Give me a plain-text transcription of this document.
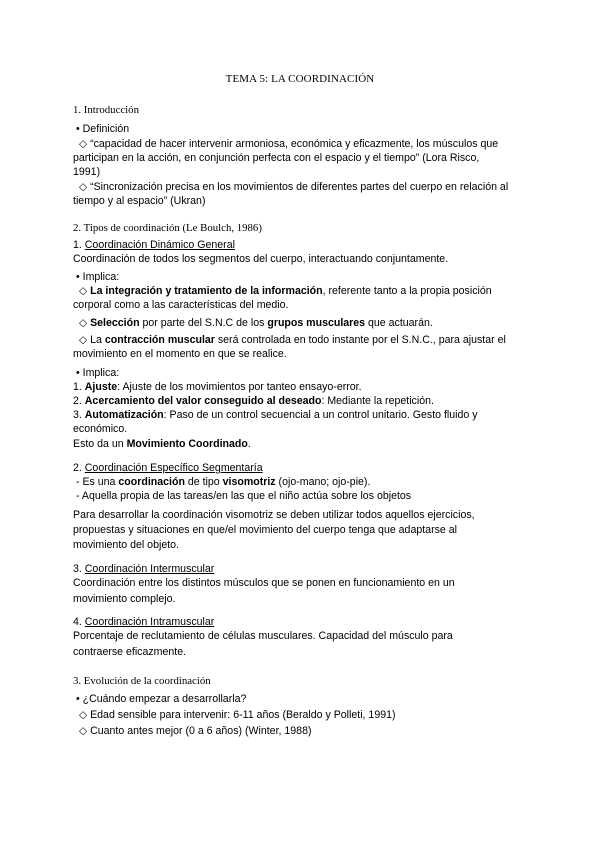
TEMA 5: LA COORDINACIÓN
1. Introducción
• Definición
◇ “capacidad de hacer intervenir armoniosa, económica y eficazmente, los músculos que
participan en la acción, en conjunción perfecta con el espacio y el tiempo” (Lora Risco,
1991)
◇ “Sincronización precisa en los movimientos de diferentes partes del cuerpo en relación al
tiempo y al espacio” (Ukran)
2. Tipos de coordinación (Le Boulch, 1986)
1. Coordinación Dinámico General
Coordinación de todos los segmentos del cuerpo, interactuando conjuntamente.
• Implica:
◇ La integración y tratamiento de la información, referente tanto a la propia posición
corporal como a las características del medio.
◇ Selección por parte del S.N.C de los grupos musculares que actuarán.
◇ La contracción muscular será controlada en todo instante por el S.N.C., para ajustar el
movimiento en el momento en que se realice.
• Implica:
1. Ajuste: Ajuste de los movimientos por tanteo ensayo-error.
2. Acercamiento del valor conseguido al deseado: Mediante la repetición.
3. Automatización: Paso de un control secuencial a un control unitario. Gesto fluido y
económico.
Esto da un Movimiento Coordinado.
2. Coordinación Específico Segmentaría
- Es una coordinación de tipo visomotriz (ojo-mano; ojo-pie).
- Aquella propia de las tareas/en las que el niño actúa sobre los objetos
Para desarrollar la coordinación visomotriz se deben utilizar todos aquellos ejercicios,
propuestas y situaciones en que/el movimiento del cuerpo tenga que adaptarse al
movimiento del objeto.
3. Coordinación Intermuscular
Coordinación entre los distintos músculos que se ponen en funcionamiento en un
movimiento complejo.
4. Coordinación Intramuscular
Porcentaje de reclutamiento de células musculares. Capacidad del músculo para
contraerse eficazmente.
3. Evolución de la coordinación
• ¿Cuándo empezar a desarrollarla?
◇ Edad sensible para intervenir: 6-11 años (Beraldo y Polleti, 1991)
◇ Cuanto antes mejor (0 a 6 años) (Winter, 1988)
